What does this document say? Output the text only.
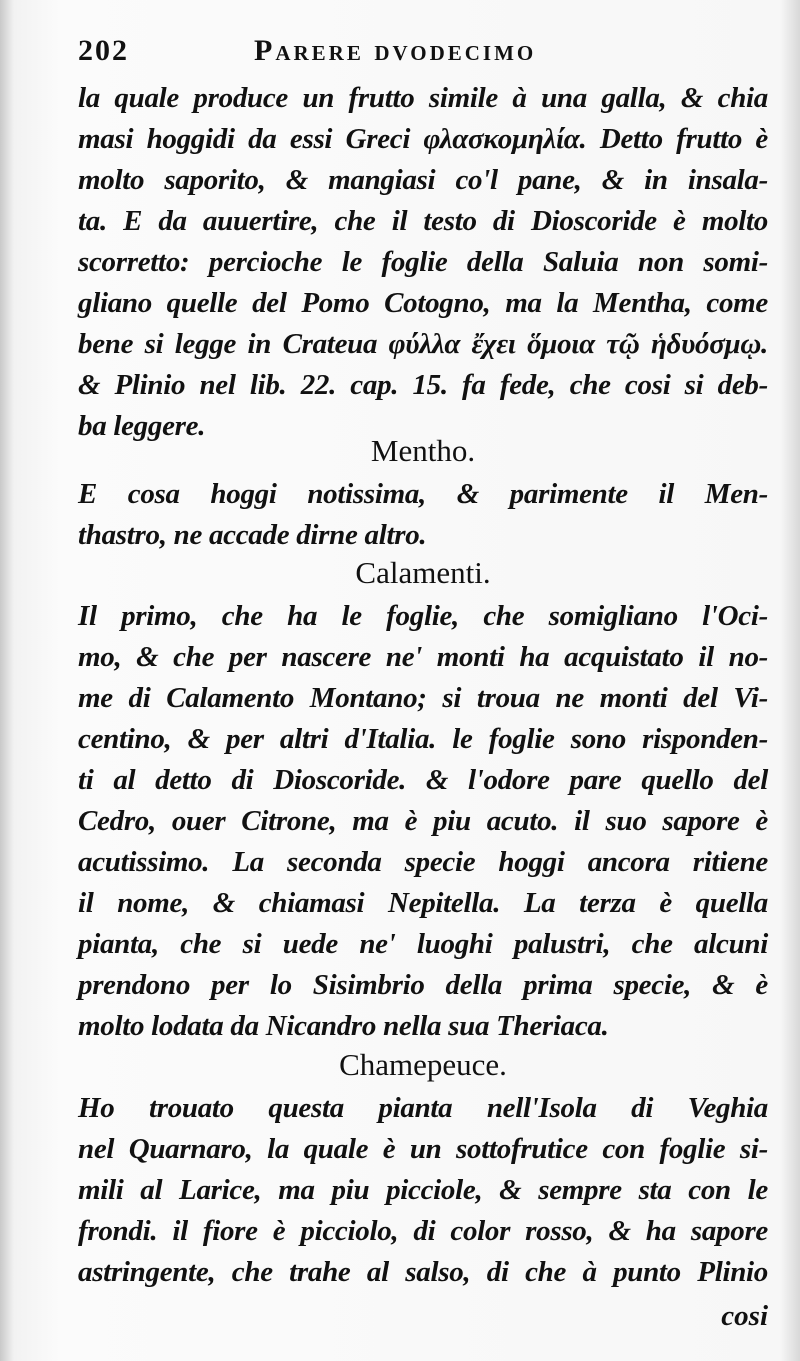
202	Parere dvodecimo
la quale produce un frutto simile à una galla, & chia
masi hoggidi da essi Greci φλασκομηλία. Detto frutto è
molto saporito, & mangiasi co'l pane, & in insala-
ta. E da auuertire, che il testo di Dioscoride è molto
scorretto: percioche le foglie della Saluia non somi-
gliano quelle del Pomo Cotogno, ma la Mentha, come
bene si legge in Crateua φύλλα ἔχει ὅμοια τῷ ἡδυόσμῳ.
& Plinio nel lib. 22. cap. 15. fa fede, che cosi si deb-
ba leggere.
Mentho.
E cosa hoggi notissima, & parimente il Men-
thastro, ne accade dirne altro.
Calamenti.
Il primo, che ha le foglie, che somigliano l'Oci-
mo, & che per nascere ne' monti ha acquistato il no-
me di Calamento Montano; si troua ne monti del Vi-
centino, & per altri d'Italia. le foglie sono risponden-
ti al detto di Dioscoride. & l'odore pare quello del
Cedro, ouer Citrone, ma è piu acuto. il suo sapore è
acutissimo. La seconda specie hoggi ancora ritiene
il nome, & chiamasi Nepitella. La terza è quella
pianta, che si uede ne' luoghi palustri, che alcuni
prendono per lo Sisimbrio della prima specie, & è
molto lodata da Nicandro nella sua Theriaca.
Chamepeuce.
Ho trouato questa pianta nell'Isola di Veghia
nel Quarnaro, la quale è un sottofrutice con foglie si-
mili al Larice, ma piu picciole, & sempre sta con le
frondi. il fiore è picciolo, di color rosso, & ha sapore
astringente, che trahe al salso, di che à punto Plinio
cosi
